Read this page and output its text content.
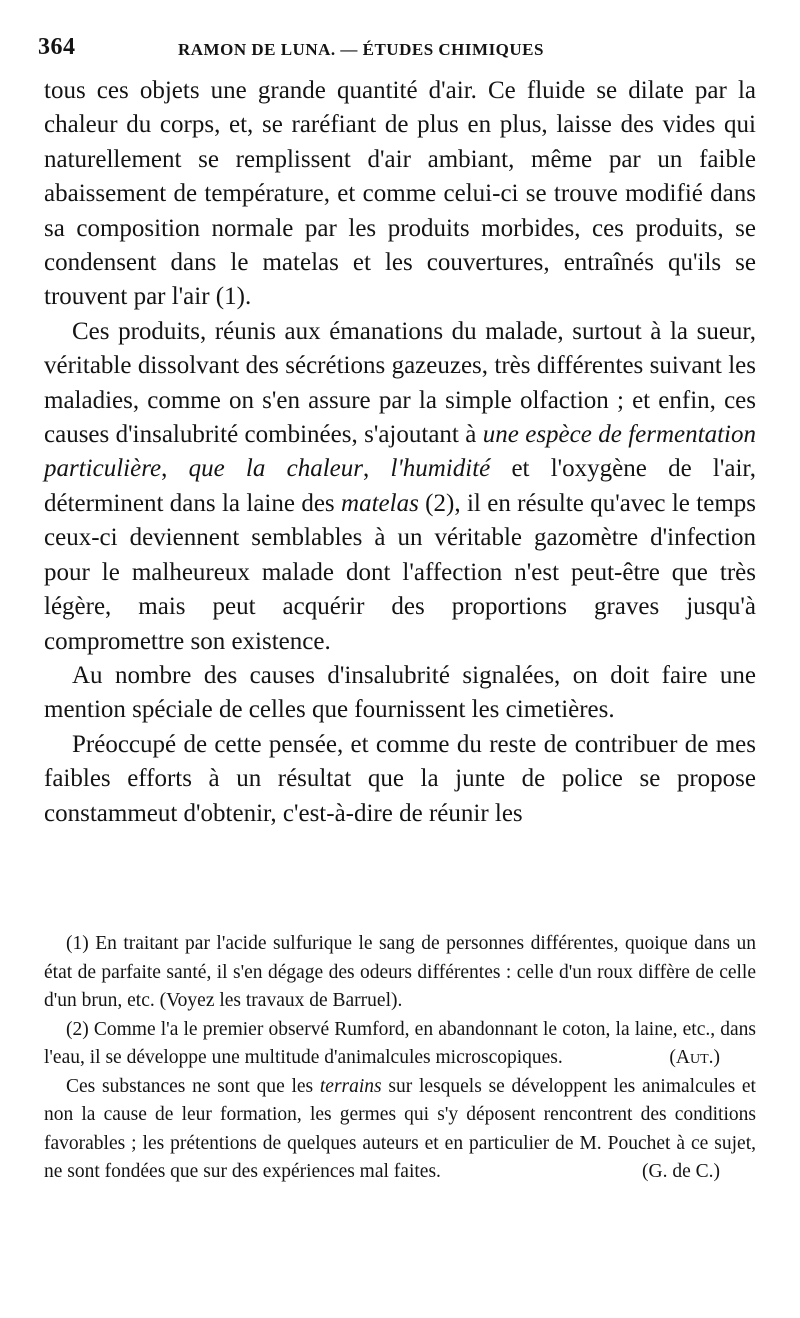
364	RAMON DE LUNA. — ÉTUDES CHIMIQUES

tous ces objets une grande quantité d'air. Ce fluide se dilate par la chaleur du corps, et, se raréfiant de plus en plus, laisse des vides qui naturellement se remplissent d'air ambiant, même par un faible abaissement de température, et comme celui-ci se trouve modifié dans sa composition normale par les produits morbides, ces produits, se condensent dans le matelas et les couvertures, entraînés qu'ils se trouvent par l'air (1).

Ces produits, réunis aux émanations du malade, surtout à la sueur, véritable dissolvant des sécrétions gazeuzes, très différentes suivant les maladies, comme on s'en assure par la simple olfaction ; et enfin, ces causes d'insalubrité combinées, s'ajoutant à une espèce de fermentation particulière, que la chaleur, l'humidité et l'oxygène de l'air, déterminent dans la laine des matelas (2), il en résulte qu'avec le temps ceux-ci deviennent semblables à un véritable gazomètre d'infection pour le malheureux malade dont l'affection n'est peut-être que très légère, mais peut acquérir des proportions graves jusqu'à compromettre son existence.

Au nombre des causes d'insalubrité signalées, on doit faire une mention spéciale de celles que fournissent les cimetières.

Préoccupé de cette pensée, et comme du reste de contribuer de mes faibles efforts à un résultat que la junte de police se propose constammeut d'obtenir, c'est-à-dire de réunir les

(1) En traitant par l'acide sulfurique le sang de personnes différentes, quoique dans un état de parfaite santé, il s'en dégage des odeurs différentes : celle d'un roux diffère de celle d'un brun, etc. (Voyez les travaux de Barruel).

(2) Comme l'a le premier observé Rumford, en abandonnant le coton, la laine, etc., dans l'eau, il se développe une multitude d'animalcules microscopiques.	(Aut.)

Ces substances ne sont que les terrains sur lesquels se développent les animalcules et non la cause de leur formation, les germes qui s'y déposent rencontrent des conditions favorables ; les prétentions de quelques auteurs et en particulier de M. Pouchet à ce sujet, ne sont fondées que sur des expériences mal faites.	(G. de C.)
